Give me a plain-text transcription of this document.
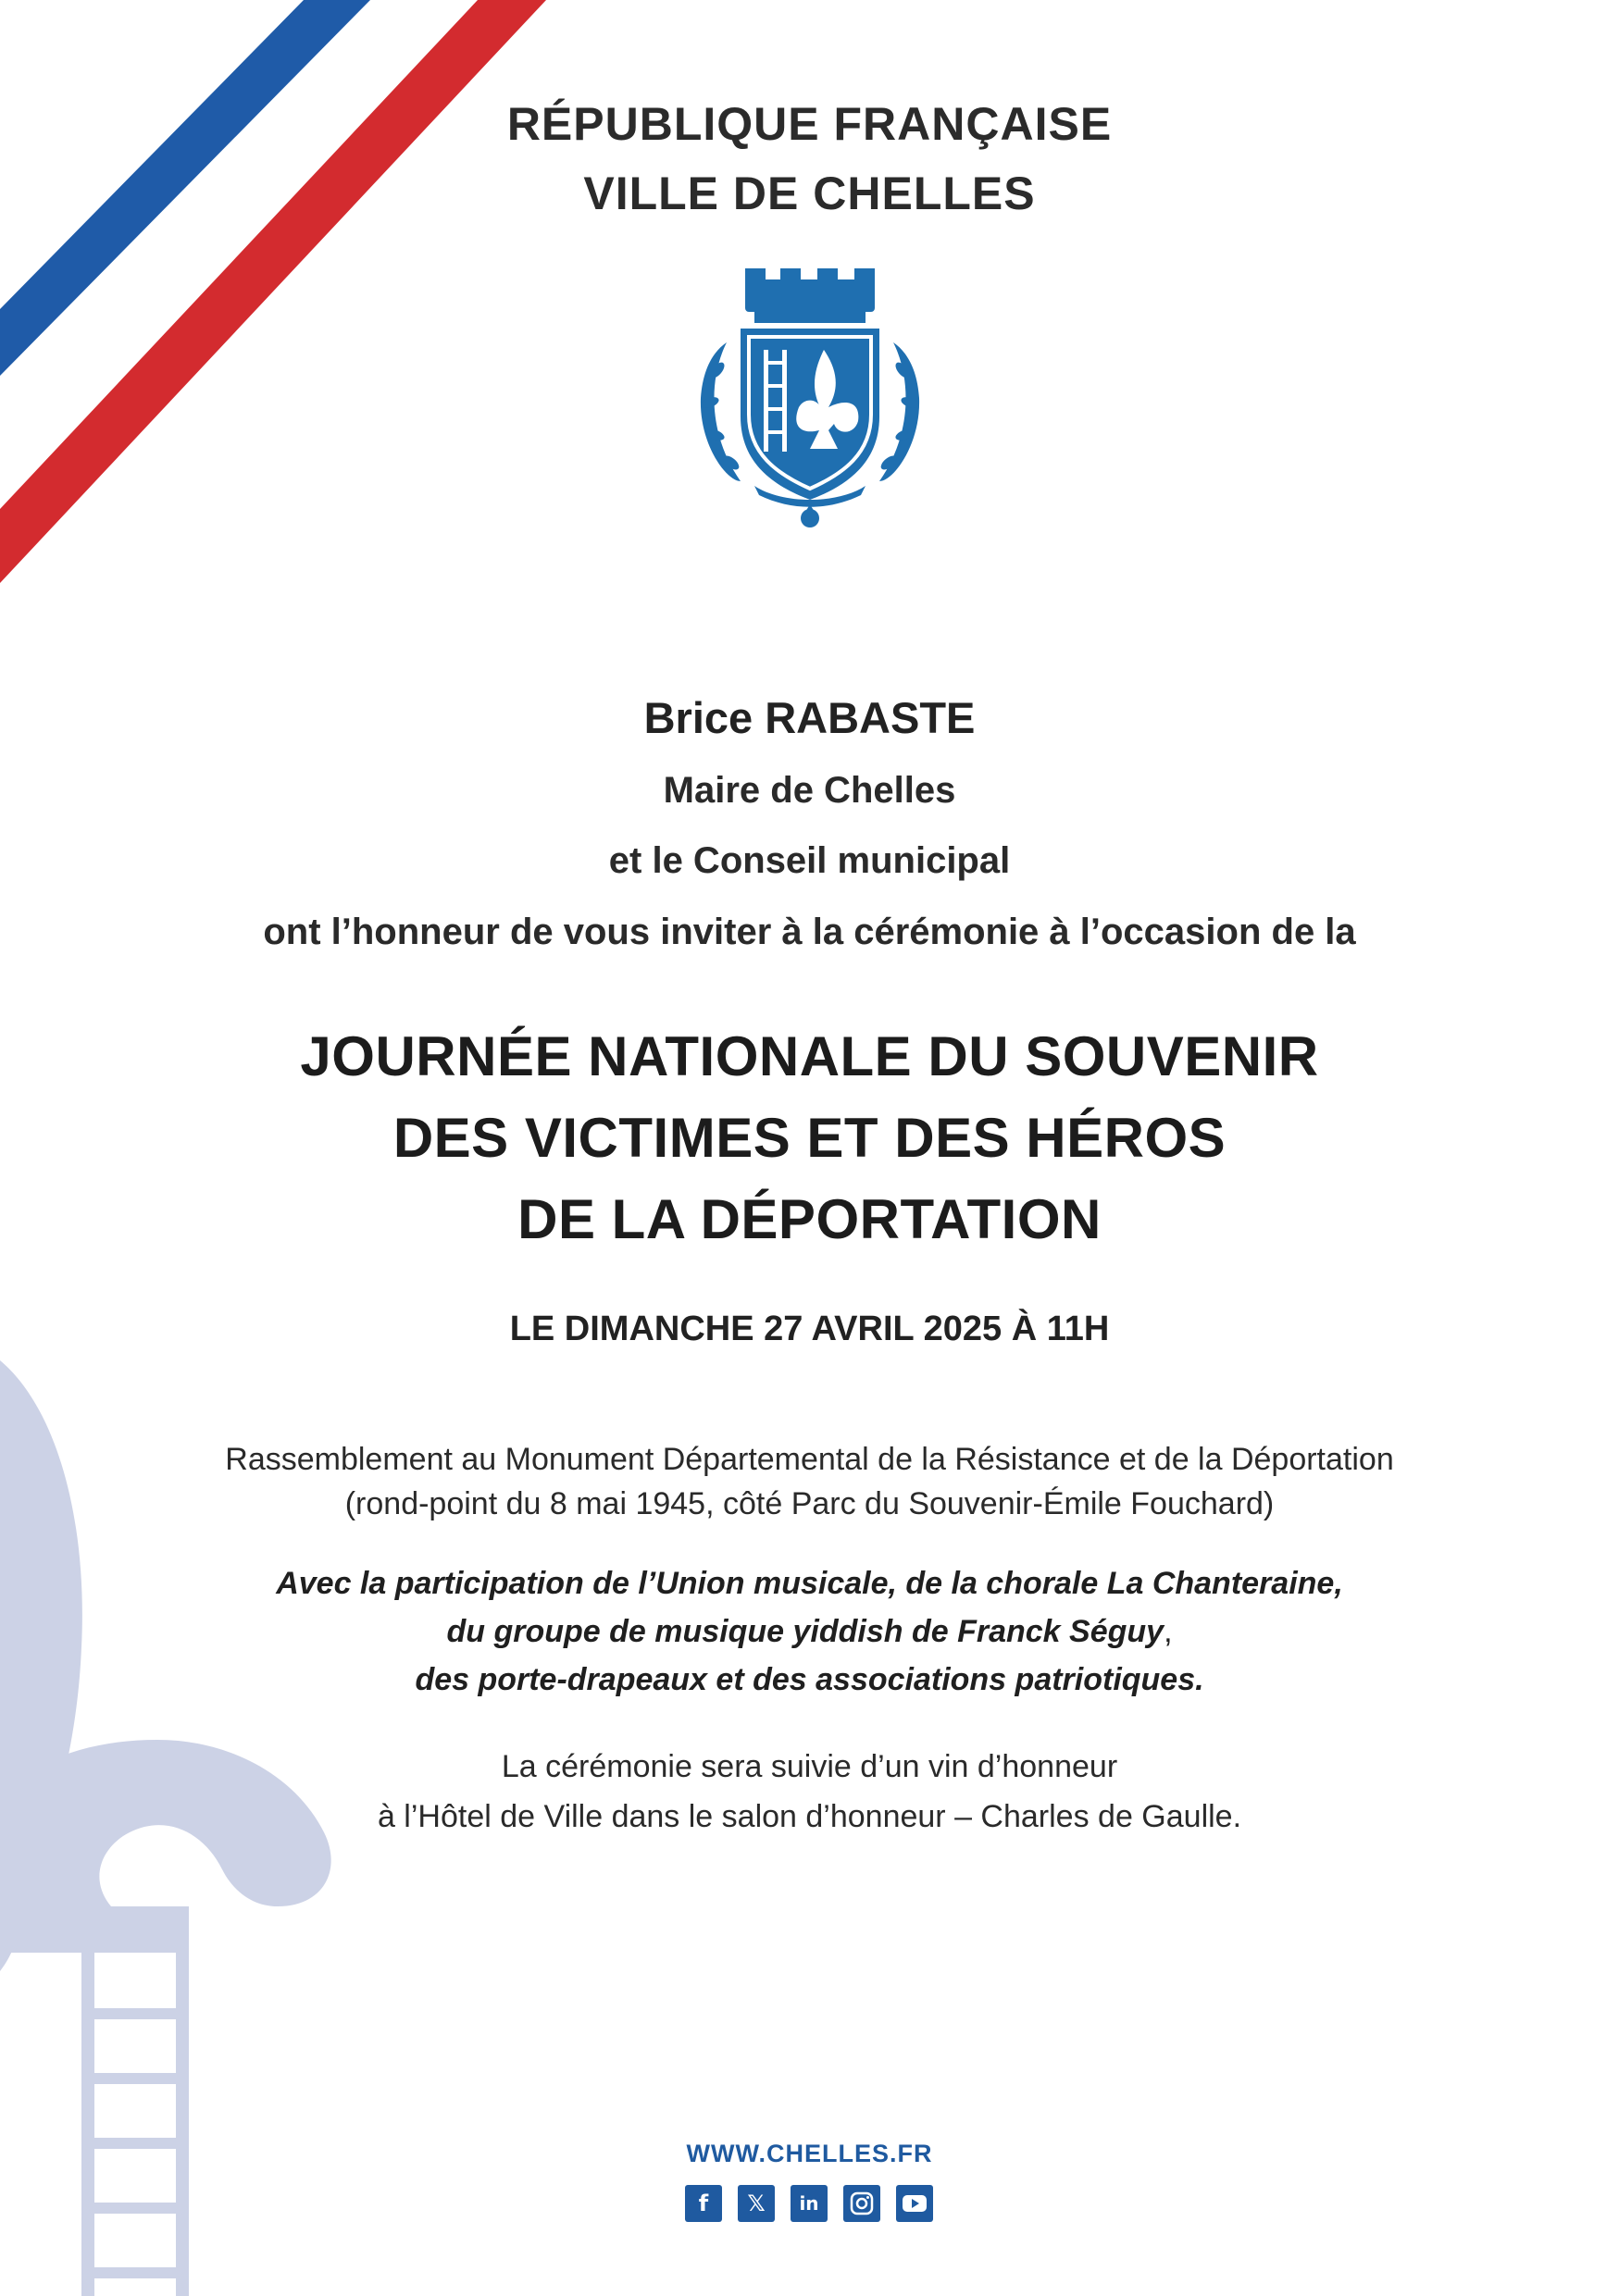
RÉPUBLIQUE FRANÇAISE
VILLE DE CHELLES
Brice RABASTE
Maire de Chelles
et le Conseil municipal
ont l’honneur de vous inviter à la cérémonie à l’occasion de la
JOURNÉE NATIONALE DU SOUVENIR
DES VICTIMES ET DES HÉROS
DE LA DÉPORTATION
LE DIMANCHE 27 AVRIL 2025 À 11H
Rassemblement au Monument Départemental de la Résistance et de la Déportation
(rond-point du 8 mai 1945, côté Parc du Souvenir-Émile Fouchard)
Avec la participation de l’Union musicale, de la chorale La Chanteraine,
du groupe de musique yiddish de Franck Séguy,
des porte-drapeaux et des associations patriotiques.
La cérémonie sera suivie d’un vin d’honneur
à l’Hôtel de Ville dans le salon d’honneur – Charles de Gaulle.
WWW.CHELLES.FR
f 𝕏 in
